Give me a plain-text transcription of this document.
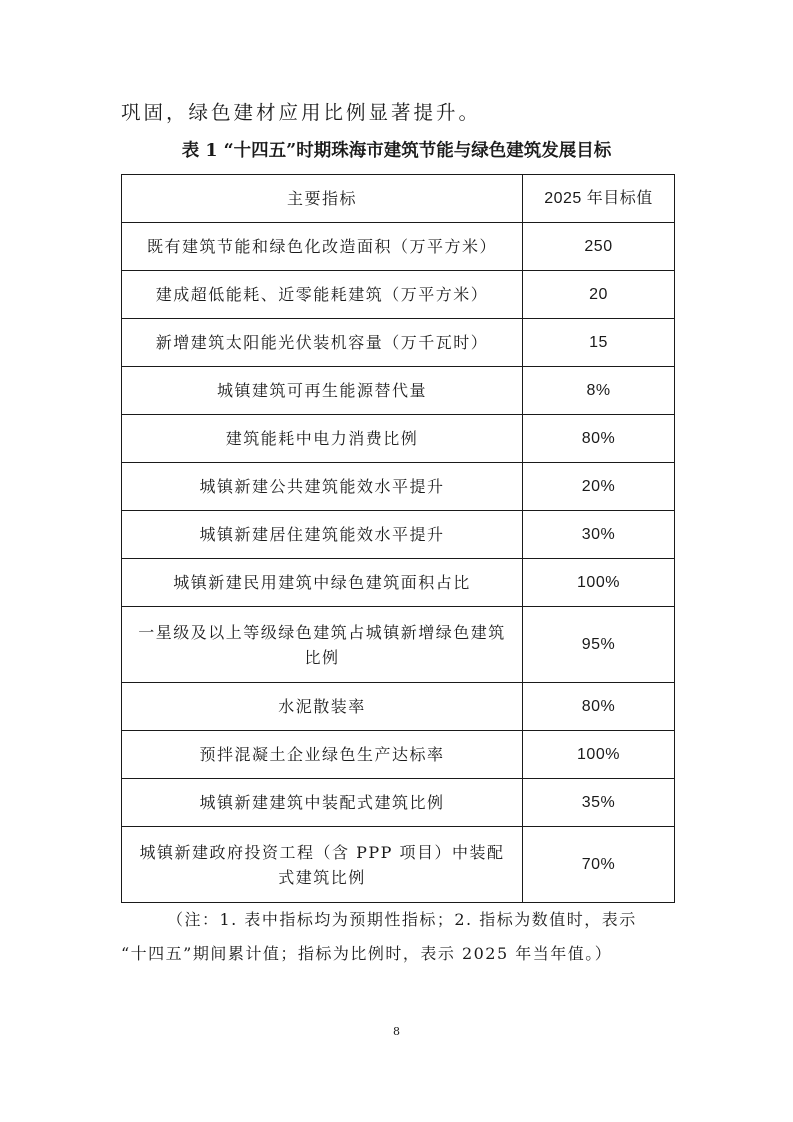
巩固，绿色建材应用比例显著提升。

表 1 “十四五”时期珠海市建筑节能与绿色建筑发展目标
主要指标	2025 年目标值
既有建筑节能和绿色化改造面积（万平方米）	250
建成超低能耗、近零能耗建筑（万平方米）	20
新增建筑太阳能光伏装机容量（万千瓦时）	15
城镇建筑可再生能源替代量	8%
建筑能耗中电力消费比例	80%
城镇新建公共建筑能效水平提升	20%
城镇新建居住建筑能效水平提升	30%
城镇新建民用建筑中绿色建筑面积占比	100%
一星级及以上等级绿色建筑占城镇新增绿色建筑比例	95%
水泥散装率	80%
预拌混凝土企业绿色生产达标率	100%
城镇新建建筑中装配式建筑比例	35%
城镇新建政府投资工程（含 PPP 项目）中装配式建筑比例	70%

（注：1. 表中指标均为预期性指标；2. 指标为数值时，表示

“十四五”期间累计值；指标为比例时，表示 2025 年当年值。）

8
